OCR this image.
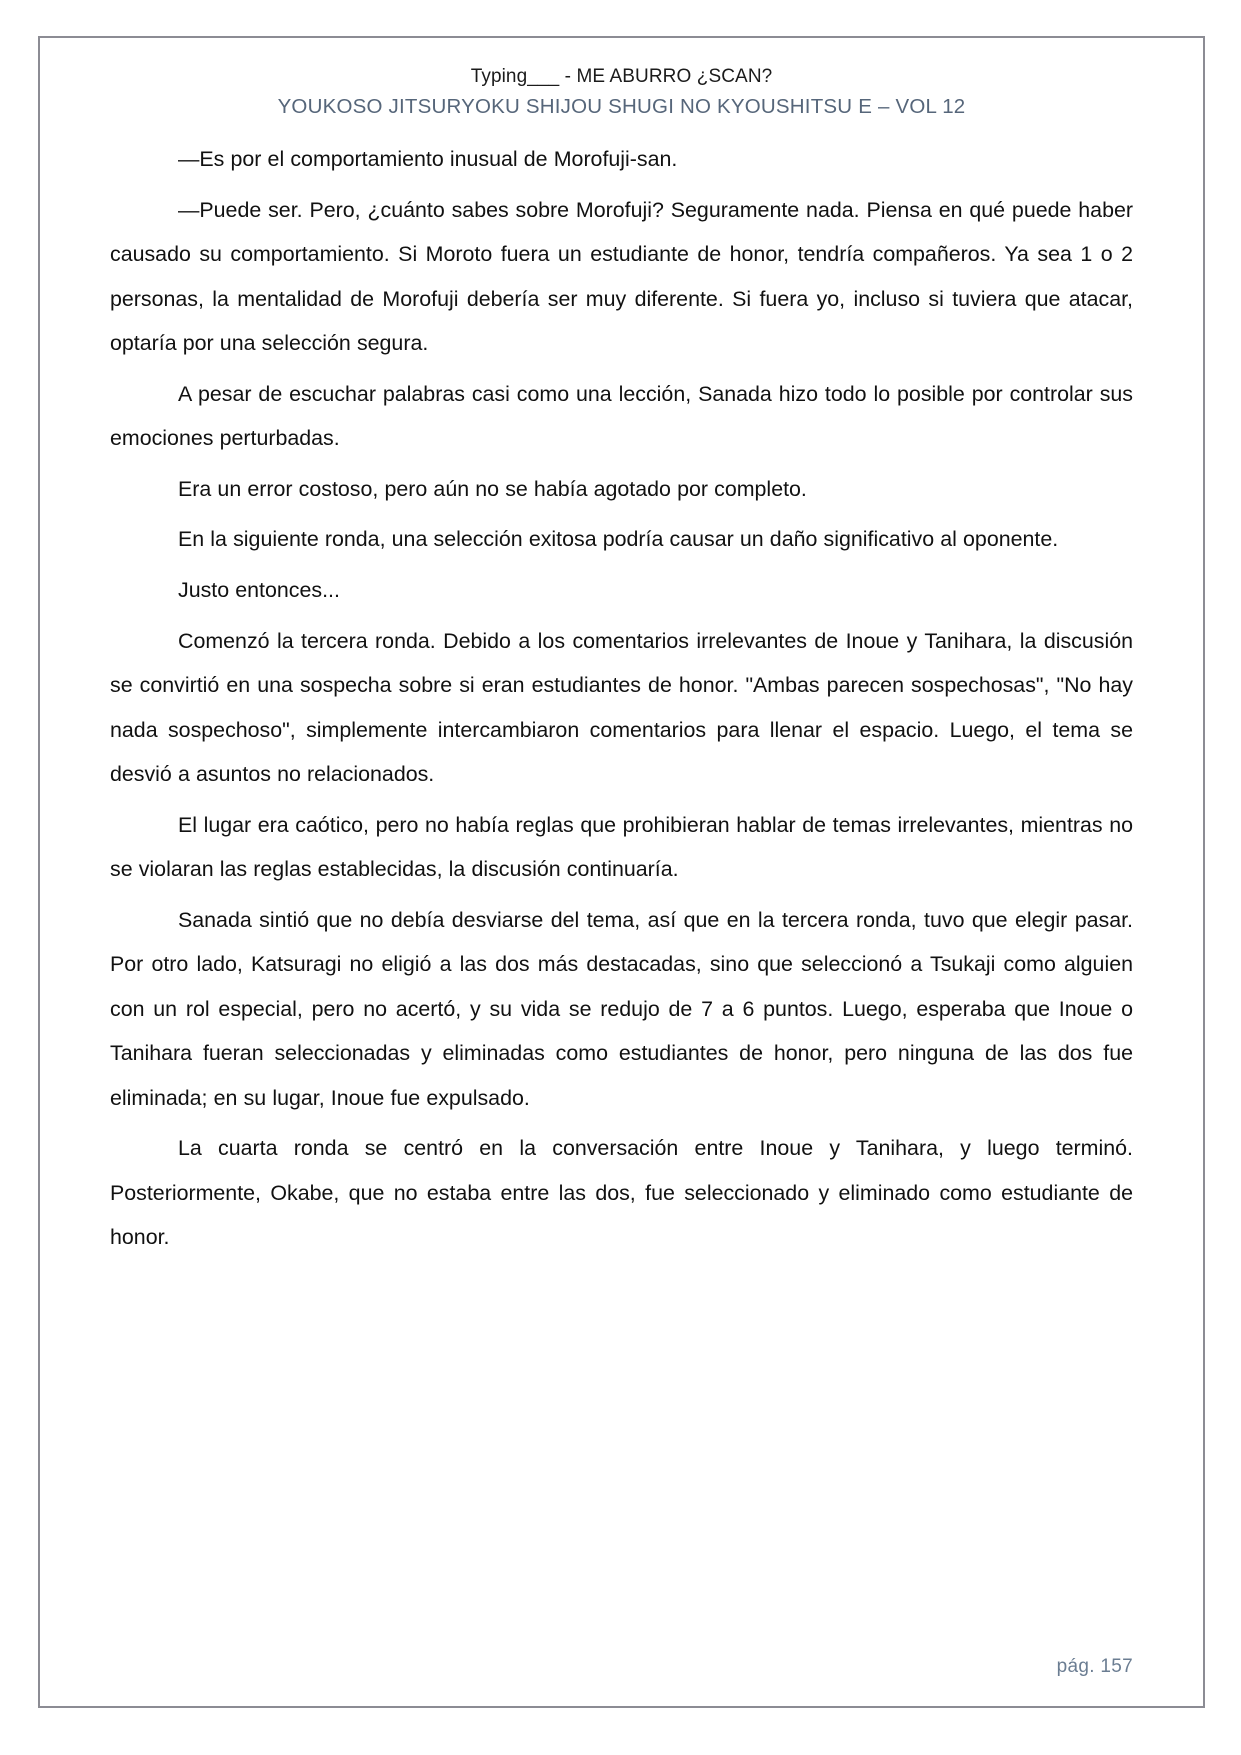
Typing___ - ME ABURRO ¿SCAN?
YOUKOSO JITSURYOKU SHIJOU SHUGI NO KYOUSHITSU E – VOL 12

—Es por el comportamiento inusual de Morofuji-san.

—Puede ser. Pero, ¿cuánto sabes sobre Morofuji? Seguramente nada. Piensa en qué puede haber causado su comportamiento. Si Moroto fuera un estudiante de honor, tendría compañeros. Ya sea 1 o 2 personas, la mentalidad de Morofuji debería ser muy diferente. Si fuera yo, incluso si tuviera que atacar, optaría por una selección segura.

A pesar de escuchar palabras casi como una lección, Sanada hizo todo lo posible por controlar sus emociones perturbadas.

Era un error costoso, pero aún no se había agotado por completo.

En la siguiente ronda, una selección exitosa podría causar un daño significativo al oponente.

Justo entonces...

Comenzó la tercera ronda. Debido a los comentarios irrelevantes de Inoue y Tanihara, la discusión se convirtió en una sospecha sobre si eran estudiantes de honor. "Ambas parecen sospechosas", "No hay nada sospechoso", simplemente intercambiaron comentarios para llenar el espacio. Luego, el tema se desvió a asuntos no relacionados.

El lugar era caótico, pero no había reglas que prohibieran hablar de temas irrelevantes, mientras no se violaran las reglas establecidas, la discusión continuaría.

Sanada sintió que no debía desviarse del tema, así que en la tercera ronda, tuvo que elegir pasar. Por otro lado, Katsuragi no eligió a las dos más destacadas, sino que seleccionó a Tsukaji como alguien con un rol especial, pero no acertó, y su vida se redujo de 7 a 6 puntos. Luego, esperaba que Inoue o Tanihara fueran seleccionadas y eliminadas como estudiantes de honor, pero ninguna de las dos fue eliminada; en su lugar, Inoue fue expulsado.

La cuarta ronda se centró en la conversación entre Inoue y Tanihara, y luego terminó. Posteriormente, Okabe, que no estaba entre las dos, fue seleccionado y eliminado como estudiante de honor.

pág. 157
